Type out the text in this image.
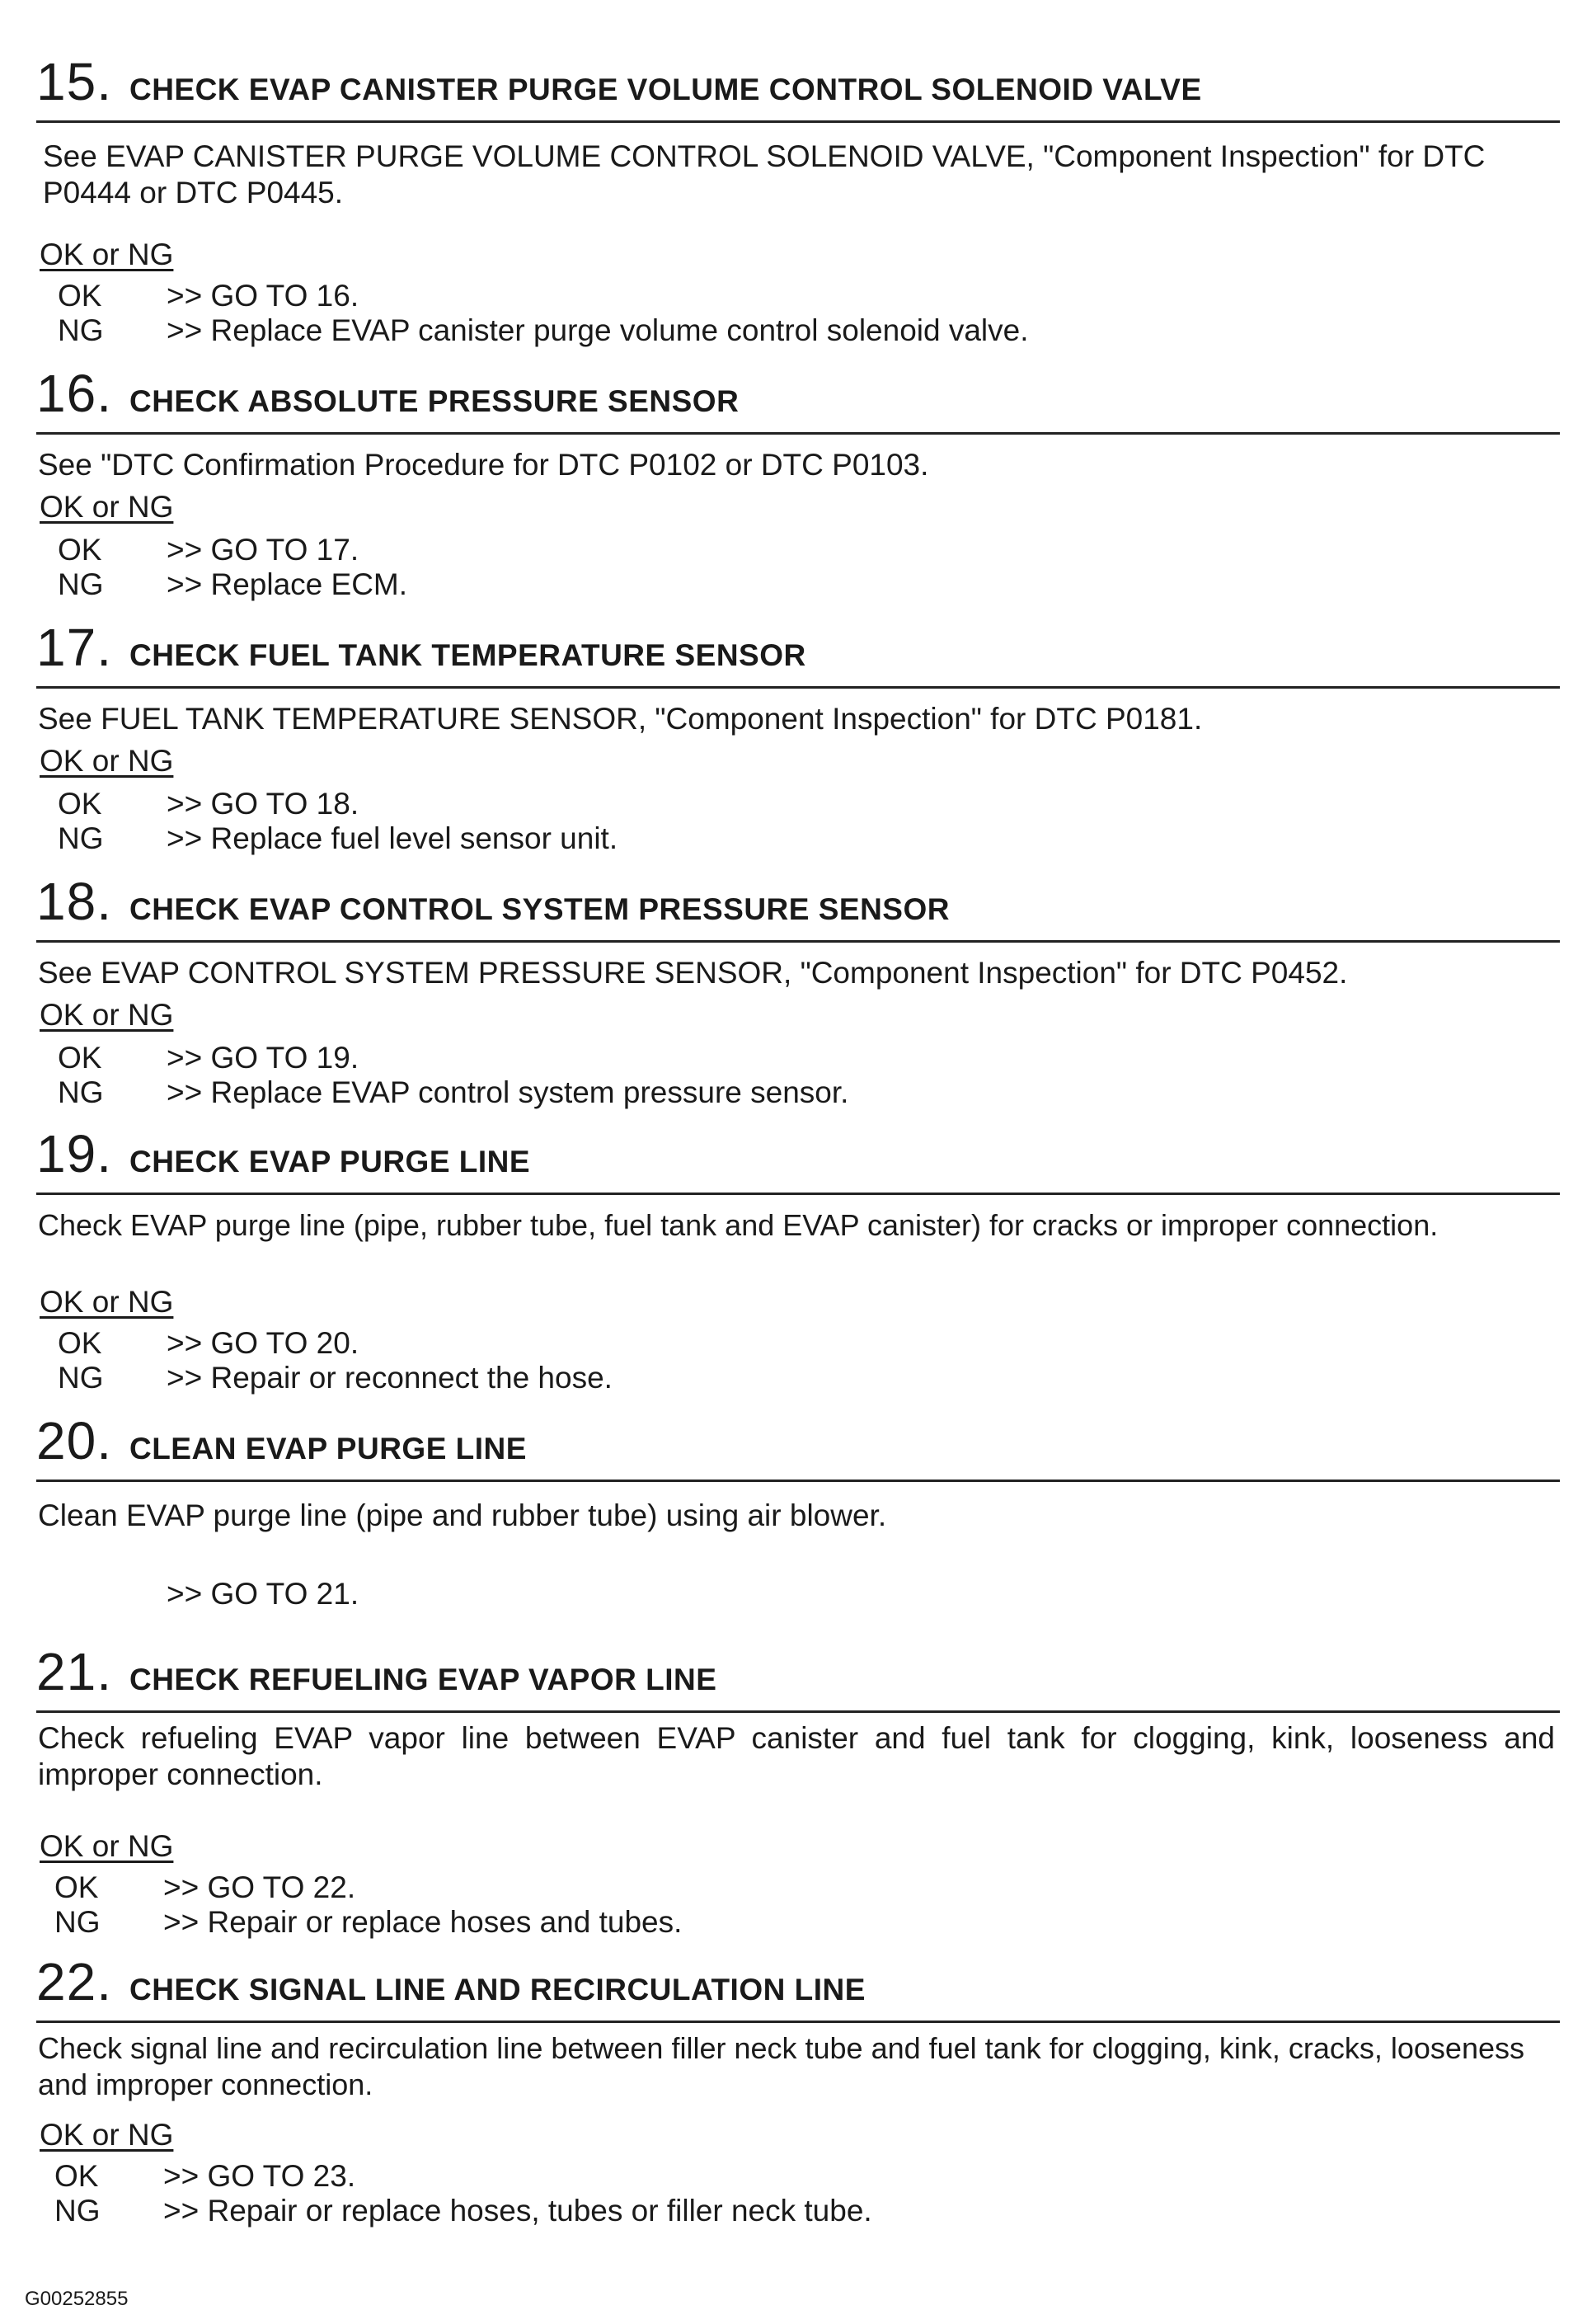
15. CHECK EVAP CANISTER PURGE VOLUME CONTROL SOLENOID VALVE
See EVAP CANISTER PURGE VOLUME CONTROL SOLENOID VALVE, "Component Inspection" for DTC P0444 or DTC P0445.
OK or NG
OK	>> GO TO 16.
NG	>> Replace EVAP canister purge volume control solenoid valve.
16. CHECK ABSOLUTE PRESSURE SENSOR
See "DTC Confirmation Procedure for DTC P0102 or DTC P0103.
OK or NG
OK	>> GO TO 17.
NG	>> Replace ECM.
17. CHECK FUEL TANK TEMPERATURE SENSOR
See FUEL TANK TEMPERATURE SENSOR, "Component Inspection" for DTC P0181.
OK or NG
OK	>> GO TO 18.
NG	>> Replace fuel level sensor unit.
18. CHECK EVAP CONTROL SYSTEM PRESSURE SENSOR
See EVAP CONTROL SYSTEM PRESSURE SENSOR, "Component Inspection" for DTC P0452.
OK or NG
OK	>> GO TO 19.
NG	>> Replace EVAP control system pressure sensor.
19. CHECK EVAP PURGE LINE
Check EVAP purge line (pipe, rubber tube, fuel tank and EVAP canister) for cracks or improper connection.
OK or NG
OK	>> GO TO 20.
NG	>> Repair or reconnect the hose.
20. CLEAN EVAP PURGE LINE
Clean EVAP purge line (pipe and rubber tube) using air blower.
>> GO TO 21.
21. CHECK REFUELING EVAP VAPOR LINE
Check refueling EVAP vapor line between EVAP canister and fuel tank for clogging, kink, looseness and improper connection.
OK or NG
OK	>> GO TO 22.
NG	>> Repair or replace hoses and tubes.
22. CHECK SIGNAL LINE AND RECIRCULATION LINE
Check signal line and recirculation line between filler neck tube and fuel tank for clogging, kink, cracks, looseness and improper connection.
OK or NG
OK	>> GO TO 23.
NG	>> Repair or replace hoses, tubes or filler neck tube.
G00252855
